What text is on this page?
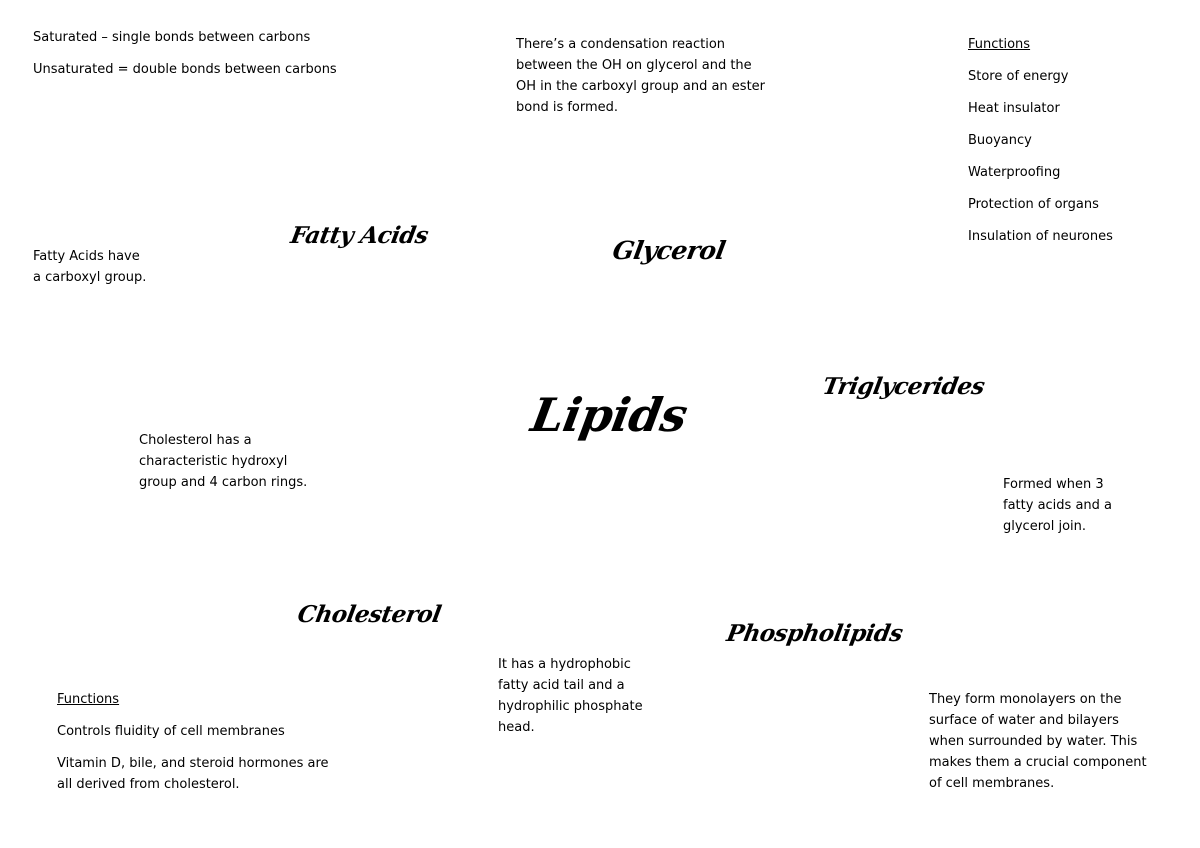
Saturated – single bonds between carbons

Unsaturated = double bonds between carbons

There’s a condensation reaction

between the OH on glycerol and the

OH in the carboxyl group and an ester

bond is formed.

Functions

Store of energy

Heat insulator

Buoyancy

Waterproofing

Protection of organs

Insulation of neurones

Fatty Acids
Glycerol
Triglycerides
Lipids
Cholesterol
Phospholipids

Fatty Acids have

a carboxyl group.

Cholesterol has a

characteristic hydroxyl

group and 4 carbon rings.	Formed when 3

fatty acids and a

glycerol join.

It has a hydrophobic

fatty acid tail and a

hydrophilic phosphate

head.

Functions

Controls fluidity of cell membranes

Vitamin D, bile, and steroid hormones are

all derived from cholesterol.

They form monolayers on the

surface of water and bilayers

when surrounded by water. This

makes them a crucial component

of cell membranes.
